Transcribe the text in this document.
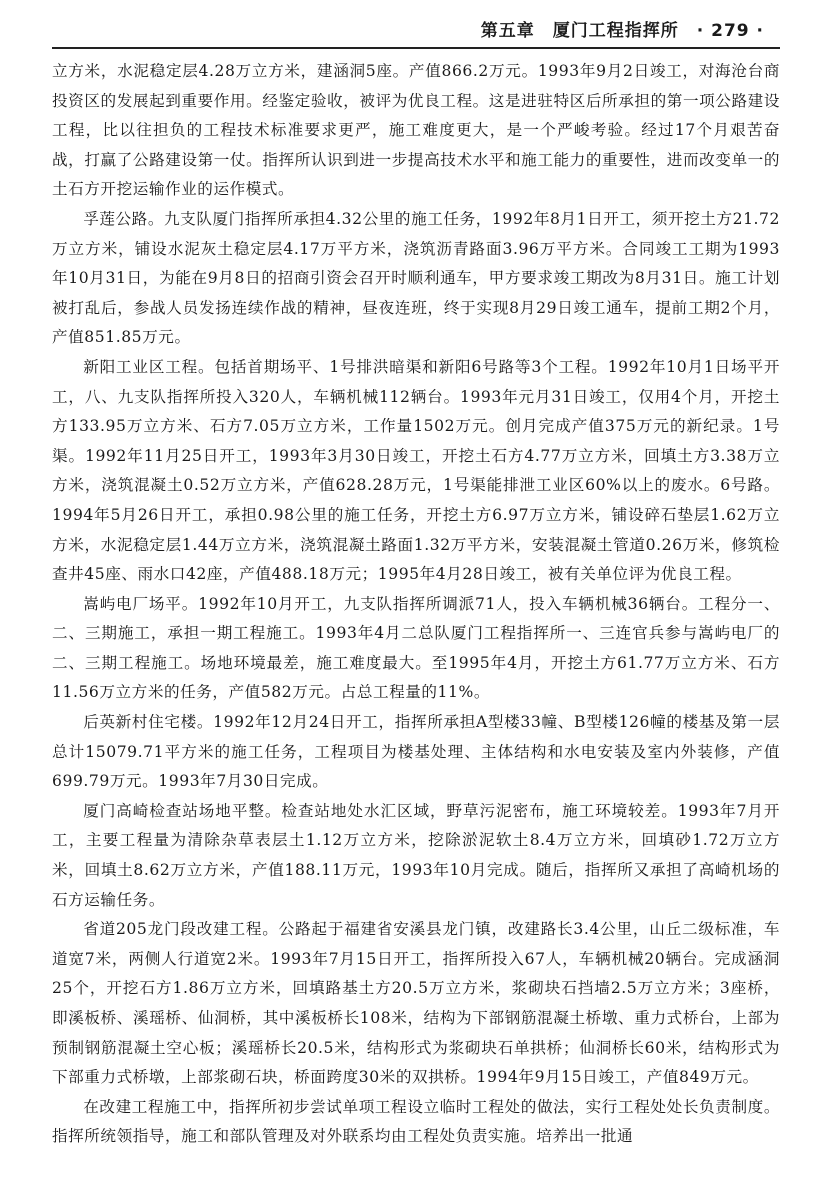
第五章　厦门工程指挥所 · 279 ·

立方米，水泥稳定层4.28万立方米，建涵洞5座。产值866.2万元。1993年9月2日竣工，对海沧台商投资区的发展起到重要作用。经鉴定验收，被评为优良工程。这是进驻特区后所承担的第一项公路建设工程，比以往担负的工程技术标准要求更严，施工难度更大，是一个严峻考验。经过17个月艰苦奋战，打赢了公路建设第一仗。指挥所认识到进一步提高技术水平和施工能力的重要性，进而改变单一的土石方开挖运输作业的运作模式。

孚莲公路。九支队厦门指挥所承担4.32公里的施工任务，1992年8月1日开工，须开挖土方21.72万立方米，铺设水泥灰土稳定层4.17万平方米，浇筑沥青路面3.96万平方米。合同竣工工期为1993年10月31日，为能在9月8日的招商引资会召开时顺利通车，甲方要求竣工期改为8月31日。施工计划被打乱后，参战人员发扬连续作战的精神，昼夜连班，终于实现8月29日竣工通车，提前工期2个月，产值851.85万元。

新阳工业区工程。包括首期场平、1号排洪暗渠和新阳6号路等3个工程。1992年10月1日场平开工，八、九支队指挥所投入320人，车辆机械112辆台。1993年元月31日竣工，仅用4个月，开挖土方133.95万立方米、石方7.05万立方米，工作量1502万元。创月完成产值375万元的新纪录。1号渠。1992年11月25日开工，1993年3月30日竣工，开挖土石方4.77万立方米，回填土方3.38万立方米，浇筑混凝土0.52万立方米，产值628.28万元，1号渠能排泄工业区60%以上的废水。6号路。1994年5月26日开工，承担0.98公里的施工任务，开挖土方6.97万立方米，铺设碎石垫层1.62万立方米，水泥稳定层1.44万立方米，浇筑混凝土路面1.32万平方米，安装混凝土管道0.26万米，修筑检查井45座、雨水口42座，产值488.18万元；1995年4月28日竣工，被有关单位评为优良工程。

嵩屿电厂场平。1992年10月开工，九支队指挥所调派71人，投入车辆机械36辆台。工程分一、二、三期施工，承担一期工程施工。1993年4月二总队厦门工程指挥所一、三连官兵参与嵩屿电厂的二、三期工程施工。场地环境最差，施工难度最大。至1995年4月，开挖土方61.77万立方米、石方11.56万立方米的任务，产值582万元。占总工程量的11%。

后英新村住宅楼。1992年12月24日开工，指挥所承担A型楼33幢、B型楼126幢的楼基及第一层总计15079.71平方米的施工任务，工程项目为楼基处理、主体结构和水电安装及室内外装修，产值699.79万元。1993年7月30日完成。

厦门高崎检查站场地平整。检查站地处水汇区域，野草污泥密布，施工环境较差。1993年7月开工，主要工程量为清除杂草表层土1.12万立方米，挖除淤泥软土8.4万立方米，回填砂1.72万立方米，回填土8.62万立方米，产值188.11万元，1993年10月完成。随后，指挥所又承担了高崎机场的石方运输任务。

省道205龙门段改建工程。公路起于福建省安溪县龙门镇，改建路长3.4公里，山丘二级标准，车道宽7米，两侧人行道宽2米。1993年7月15日开工，指挥所投入67人，车辆机械20辆台。完成涵洞25个，开挖石方1.86万立方米，回填路基土方20.5万立方米，浆砌块石挡墙2.5万立方米；3座桥，即溪板桥、溪瑶桥、仙洞桥，其中溪板桥长108米，结构为下部钢筋混凝土桥墩、重力式桥台，上部为预制钢筋混凝土空心板；溪瑶桥长20.5米，结构形式为浆砌块石单拱桥；仙洞桥长60米，结构形式为下部重力式桥墩，上部浆砌石块，桥面跨度30米的双拱桥。1994年9月15日竣工，产值849万元。

在改建工程施工中，指挥所初步尝试单项工程设立临时工程处的做法，实行工程处处长负责制度。指挥所统领指导，施工和部队管理及对外联系均由工程处负责实施。培养出一批通
